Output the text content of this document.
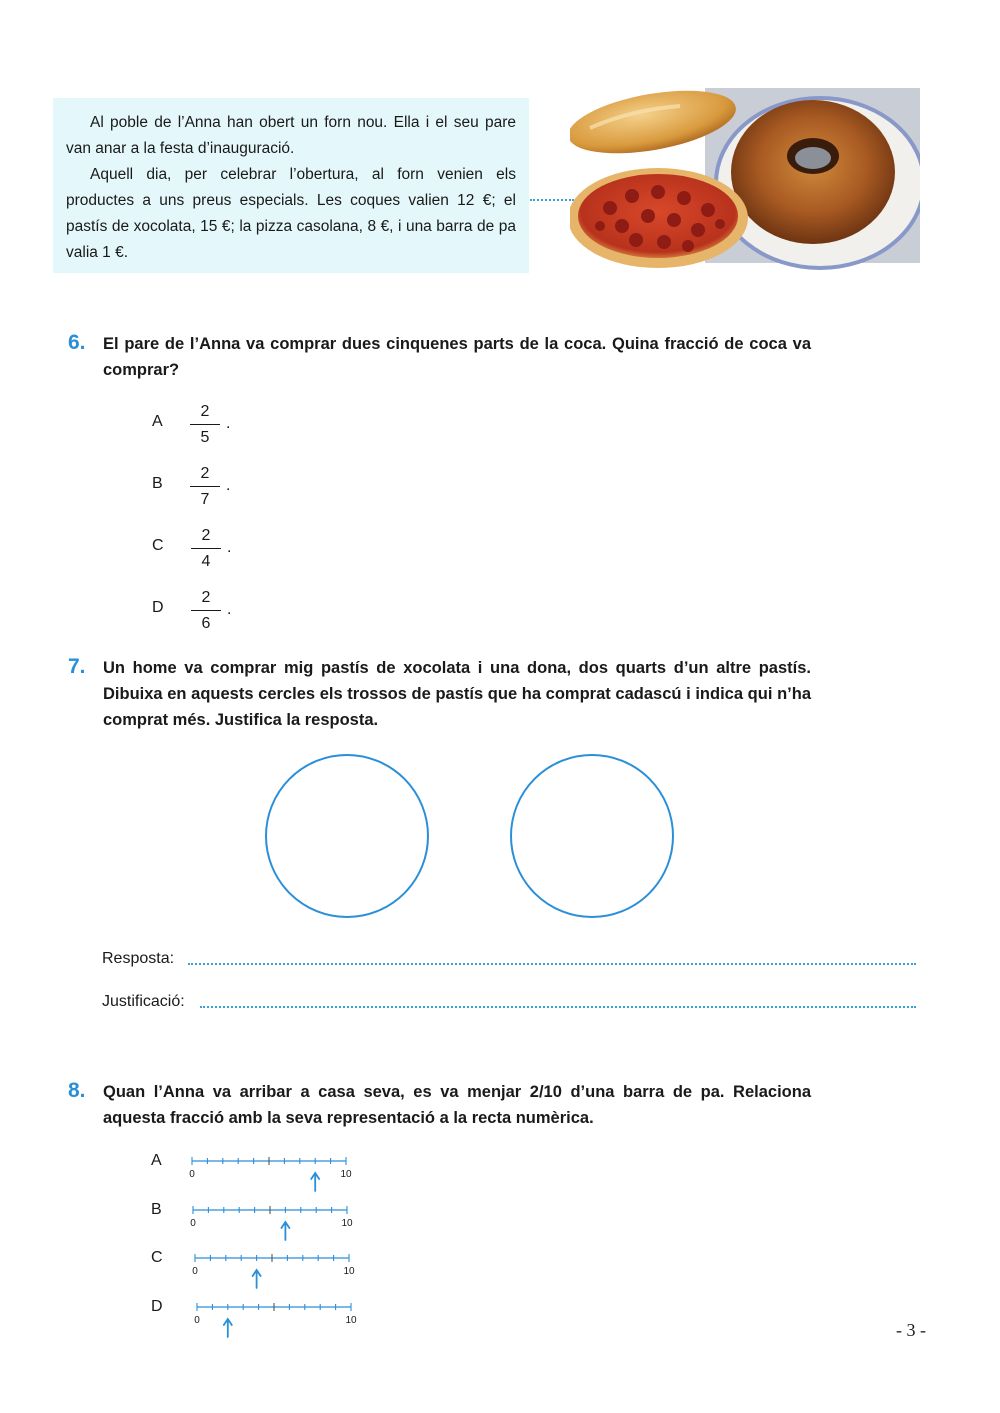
Al poble de l’Anna han obert un forn nou. Ella i el seu pare van anar a la festa d’inauguració.

Aquell dia, per celebrar l’obertura, al forn venien els productes a uns preus especials. Les coques valien 12 €; el pastís de xocolata, 15 €; la pizza casolana, 8 €, i una barra de pa valia 1 €.

6. El pare de l’Anna va comprar dues cinquenes parts de la coca. Quina fracció de coca va comprar?
A
2
5
.
B
2
7
.
C
2
4
.
D
2
6
.
7. Un home va comprar mig pastís de xocolata i una dona, dos quarts d’un altre pastís. Dibuixa en aquests cercles els trossos de pastís que ha comprat cadascú i indica qui n’ha comprat més. Justifica la resposta.
Resposta:
Justificació:
8. Quan l’Anna va arribar a casa seva, es va menjar 2/10 d’una barra de pa. Relaciona aquesta fracció amb la seva representació a la recta numèrica.
A
0	10
B
0	10
C
0	10
D
0	10	- 3 -
